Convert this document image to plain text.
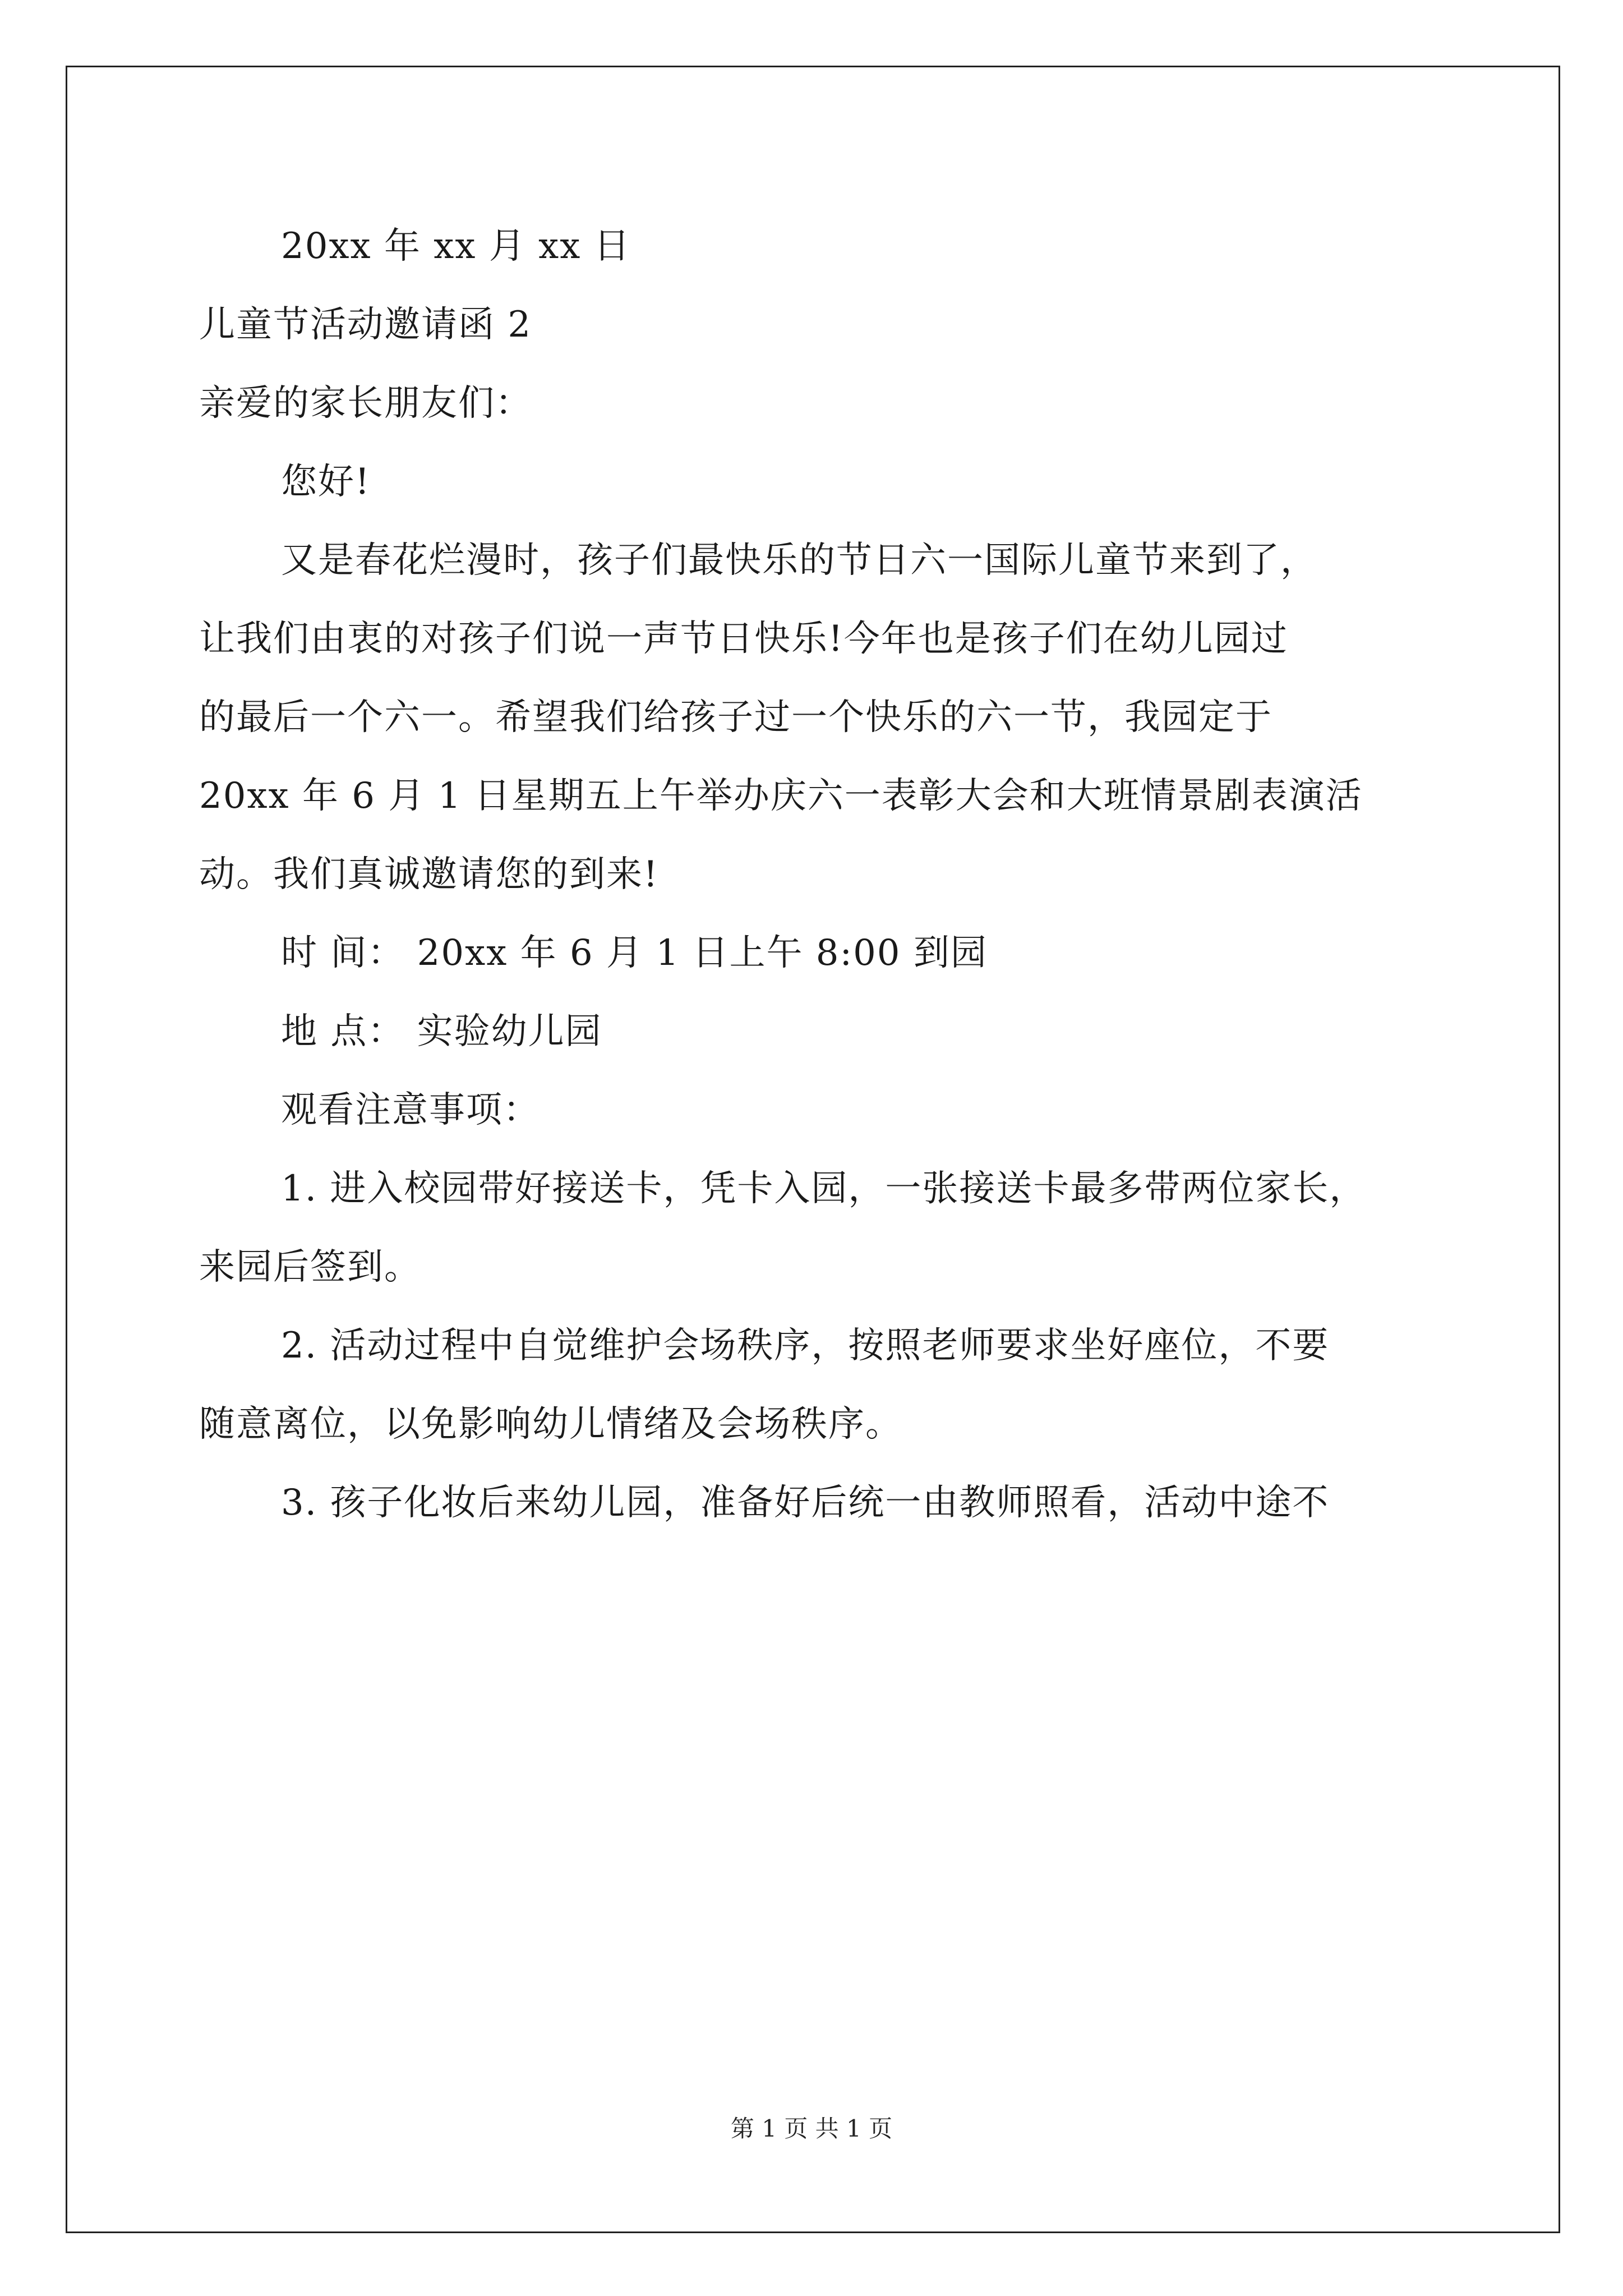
20xx 年 xx 月 xx 日

儿童节活动邀请函 2

亲爱的家长朋友们：

您好!

又是春花烂漫时，孩子们最快乐的节日六一国际儿童节来到了，

让我们由衷的对孩子们说一声节日快乐!今年也是孩子们在幼儿园过

的最后一个六一。希望我们给孩子过一个快乐的六一节，我园定于

20xx 年 6 月 1 日星期五上午举办庆六一表彰大会和大班情景剧表演活

动。我们真诚邀请您的到来!

时 间： 20xx 年 6 月 1 日上午 8:00 到园

地 点： 实验幼儿园

观看注意事项：

1. 进入校园带好接送卡，凭卡入园，一张接送卡最多带两位家长，

来园后签到。

2. 活动过程中自觉维护会场秩序，按照老师要求坐好座位，不要

随意离位，以免影响幼儿情绪及会场秩序。

3. 孩子化妆后来幼儿园，准备好后统一由教师照看，活动中途不

第 1 页 共 1 页
